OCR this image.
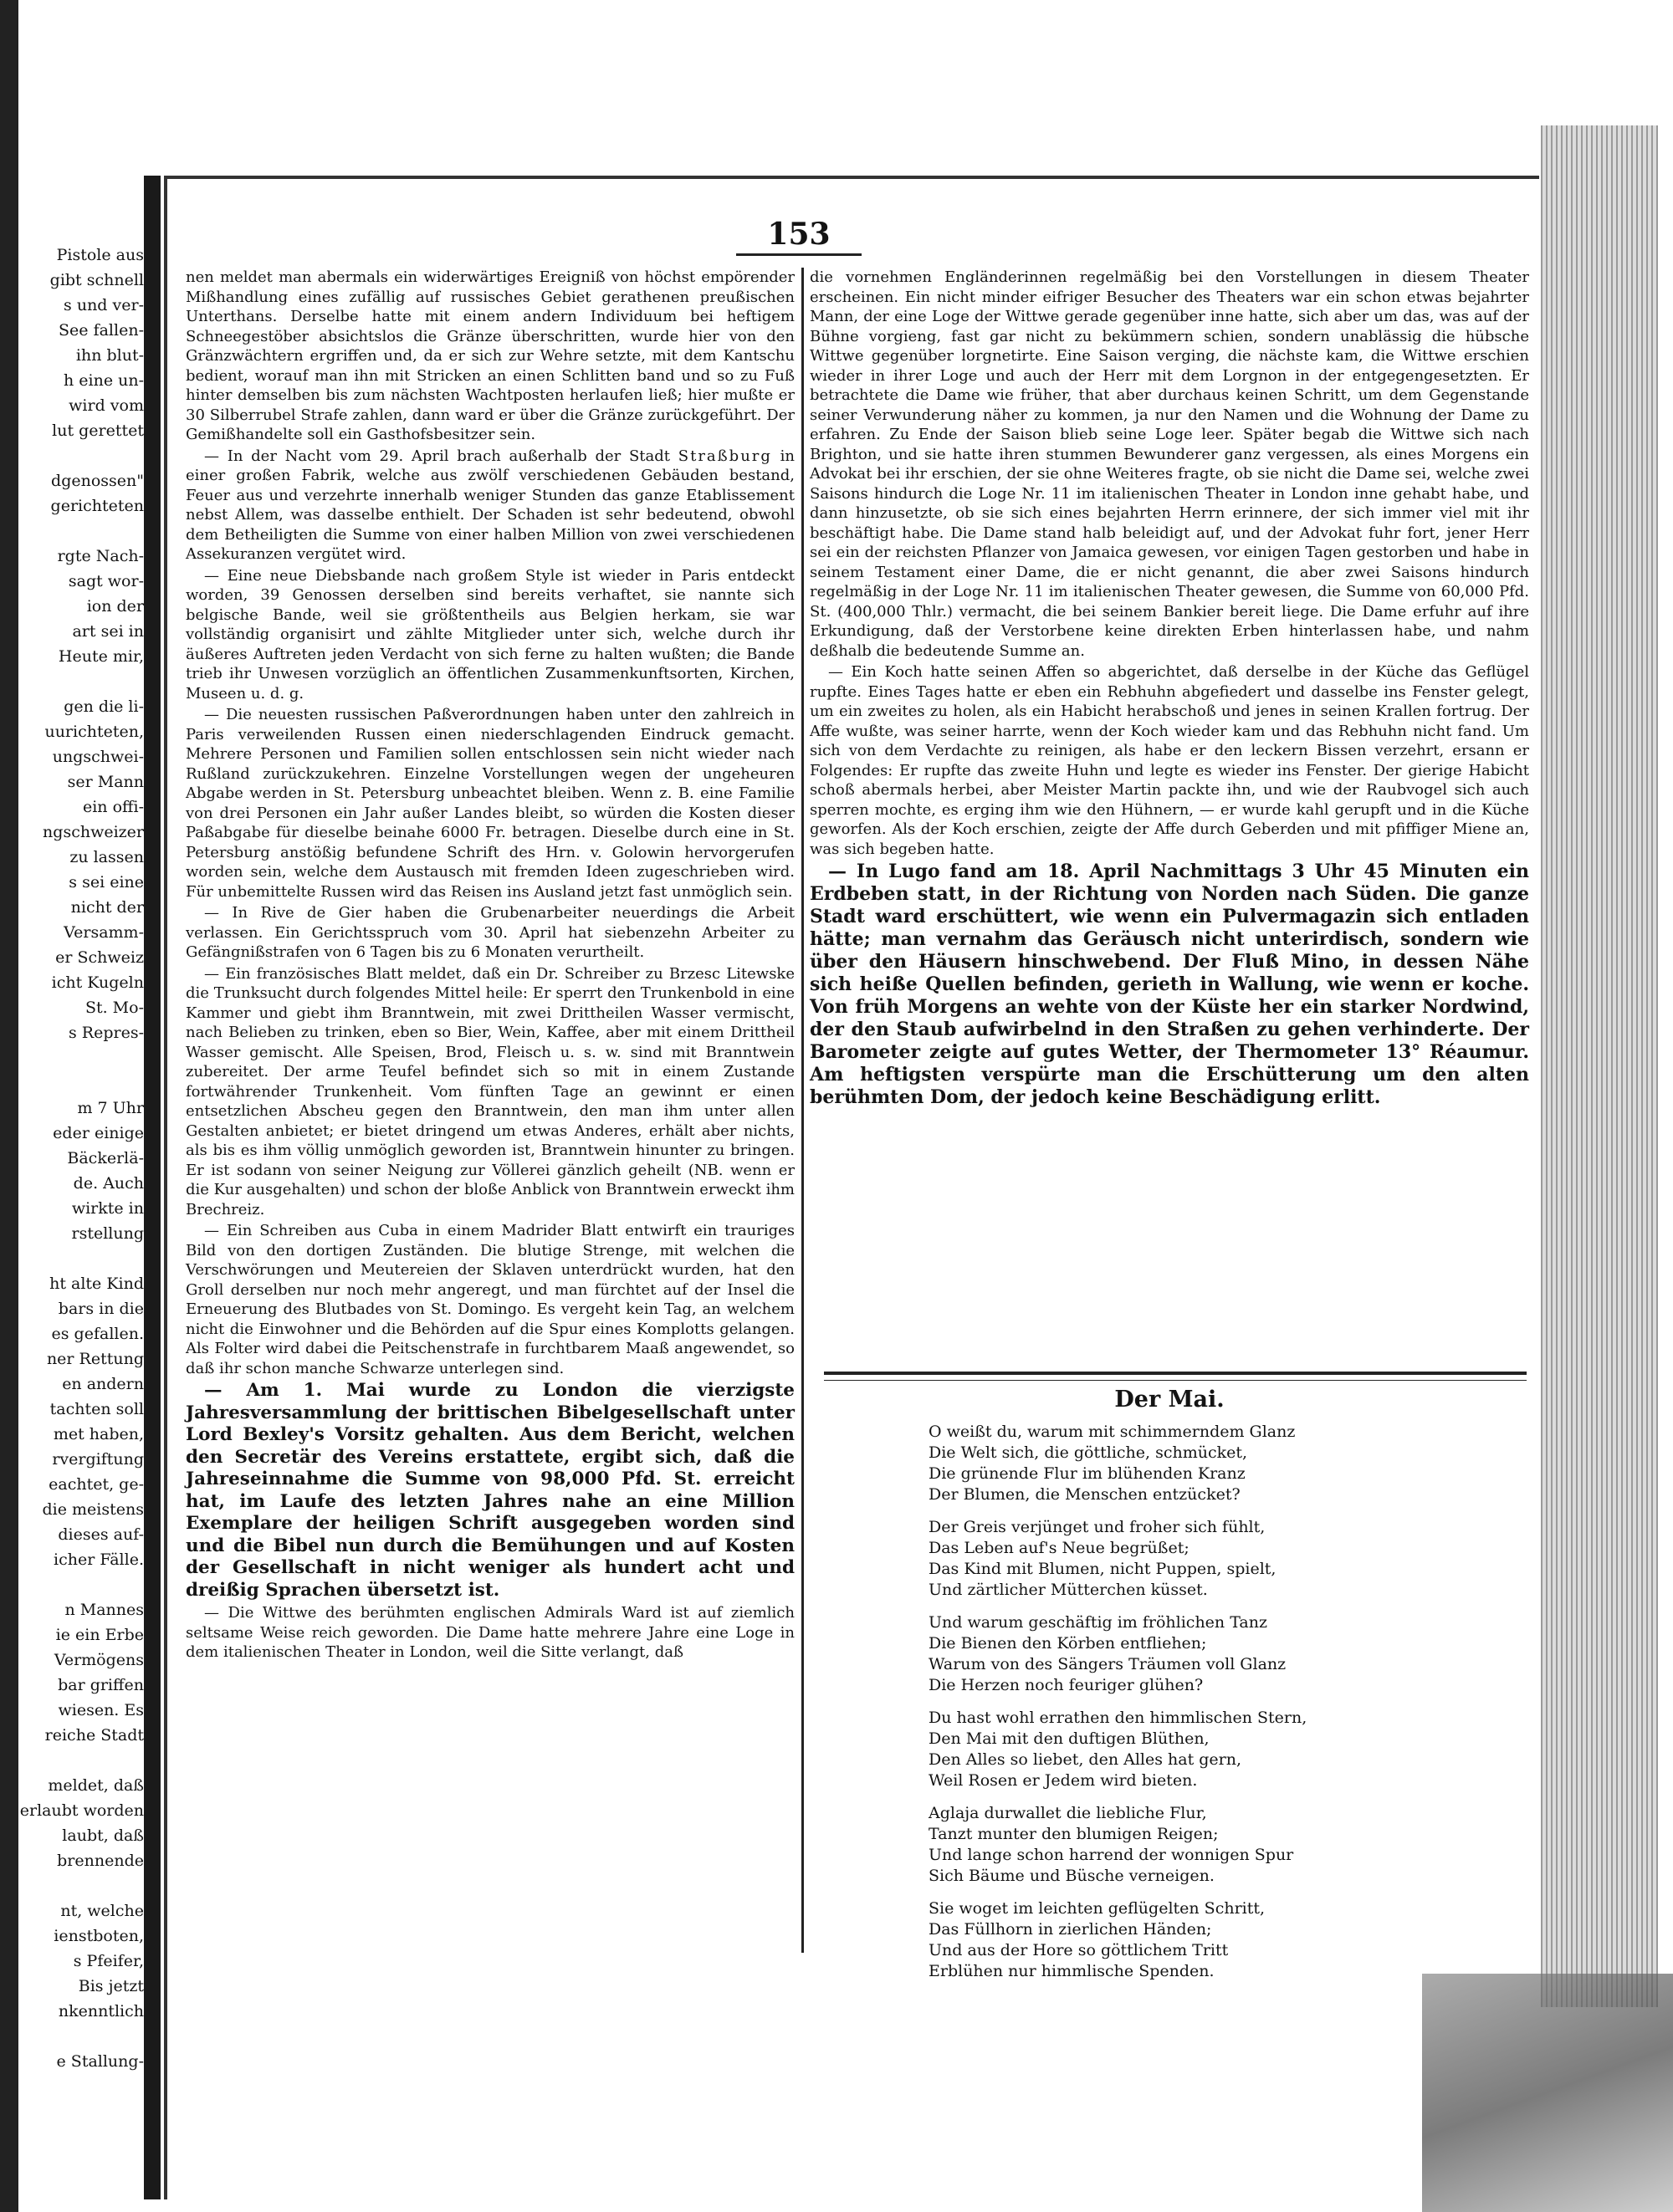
Pistole aus
gibt schnell
s und ver-
See fallen-
ihn blut-
h eine un-
wird vom
lut gerettet
dgenossen"
gerichteten
rgte Nach-
sagt wor-
ion der
art sei in
Heute mir,
gen die li-
uurichteten,
ungschwei-
ser Mann
ein offi-
ngschweizer
zu lassen
s sei eine
nicht der
Versamm-
er Schweiz
icht Kugeln
St. Mo-
s Repres-
m 7 Uhr
eder einige
Bäckerlä-
de. Auch
wirkte in
rstellung
ht alte Kind
bars in die
es gefallen.
ner Rettung
en andern
tachten soll
met haben,
rvergiftung
eachtet, ge-
die meistens
dieses auf-
icher Fälle.
n Mannes
ie ein Erbe
Vermögens
bar griffen
wiesen. Es
reiche Stadt
meldet, daß
erlaubt worden
laubt, daß
brennende
nt, welche
ienstboten,
s Pfeifer,
Bis jetzt
nkenntlich
e Stallung-
153

nen meldet man abermals ein widerwärtiges Ereigniß von höchst empörender Mißhandlung eines zufällig auf russisches Gebiet gerathenen preußischen Unterthans. Derselbe hatte mit einem andern Individuum bei heftigem Schneegestöber absichtslos die Gränze überschritten, wurde hier von den Gränzwächtern ergriffen und, da er sich zur Wehre setzte, mit dem Kantschu bedient, worauf man ihn mit Stricken an einen Schlitten band und so zu Fuß hinter demselben bis zum nächsten Wachtposten herlaufen ließ; hier mußte er 30 Silberrubel Strafe zahlen, dann ward er über die Gränze zurückgeführt. Der Gemißhandelte soll ein Gasthofsbesitzer sein.

— In der Nacht vom 29. April brach außerhalb der Stadt Straßburg in einer großen Fabrik, welche aus zwölf verschiedenen Gebäuden bestand, Feuer aus und verzehrte innerhalb weniger Stunden das ganze Etablissement nebst Allem, was dasselbe enthielt. Der Schaden ist sehr bedeutend, obwohl dem Betheiligten die Summe von einer halben Million von zwei verschiedenen Assekuranzen vergütet wird.

— Eine neue Diebsbande nach großem Style ist wieder in Paris entdeckt worden, 39 Genossen derselben sind bereits verhaftet, sie nannte sich belgische Bande, weil sie größtentheils aus Belgien herkam, sie war vollständig organisirt und zählte Mitglieder unter sich, welche durch ihr äußeres Auftreten jeden Verdacht von sich ferne zu halten wußten; die Bande trieb ihr Unwesen vorzüglich an öffentlichen Zusammenkunftsorten, Kirchen, Museen u. d. g.

— Die neuesten russischen Paßverordnungen haben unter den zahlreich in Paris verweilenden Russen einen niederschlagenden Eindruck gemacht. Mehrere Personen und Familien sollen entschlossen sein nicht wieder nach Rußland zurückzukehren. Einzelne Vorstellungen wegen der ungeheuren Abgabe werden in St. Petersburg unbeachtet bleiben. Wenn z. B. eine Familie von drei Personen ein Jahr außer Landes bleibt, so würden die Kosten dieser Paßabgabe für dieselbe beinahe 6000 Fr. betragen. Dieselbe durch eine in St. Petersburg anstößig befundene Schrift des Hrn. v. Golowin hervorgerufen worden sein, welche dem Austausch mit fremden Ideen zugeschrieben wird. Für unbemittelte Russen wird das Reisen ins Ausland jetzt fast unmöglich sein.

— In Rive de Gier haben die Grubenarbeiter neuerdings die Arbeit verlassen. Ein Gerichtsspruch vom 30. April hat siebenzehn Arbeiter zu Gefängnißstrafen von 6 Tagen bis zu 6 Monaten verurtheilt.

— Ein französisches Blatt meldet, daß ein Dr. Schreiber zu Brzesc Litewske die Trunksucht durch folgendes Mittel heile: Er sperrt den Trunkenbold in eine Kammer und giebt ihm Branntwein, mit zwei Drittheilen Wasser vermischt, nach Belieben zu trinken, eben so Bier, Wein, Kaffee, aber mit einem Drittheil Wasser gemischt. Alle Speisen, Brod, Fleisch u. s. w. sind mit Branntwein zubereitet. Der arme Teufel befindet sich so mit in einem Zustande fortwährender Trunkenheit. Vom fünften Tage an gewinnt er einen entsetzlichen Abscheu gegen den Branntwein, den man ihm unter allen Gestalten anbietet; er bietet dringend um etwas Anderes, erhält aber nichts, als bis es ihm völlig unmöglich geworden ist, Branntwein hinunter zu bringen. Er ist sodann von seiner Neigung zur Völlerei gänzlich geheilt (NB. wenn er die Kur ausgehalten) und schon der bloße Anblick von Branntwein erweckt ihm Brechreiz.

— Ein Schreiben aus Cuba in einem Madrider Blatt entwirft ein trauriges Bild von den dortigen Zuständen. Die blutige Strenge, mit welchen die Verschwörungen und Meutereien der Sklaven unterdrückt wurden, hat den Groll derselben nur noch mehr angeregt, und man fürchtet auf der Insel die Erneuerung des Blutbades von St. Domingo. Es vergeht kein Tag, an welchem nicht die Einwohner und die Behörden auf die Spur eines Komplotts gelangen. Als Folter wird dabei die Peitschenstrafe in furchtbarem Maaß angewendet, so daß ihr schon manche Schwarze unterlegen sind.

— Am 1. Mai wurde zu London die vierzigste Jahresversammlung der brittischen Bibelgesellschaft unter Lord Bexley's Vorsitz gehalten. Aus dem Bericht, welchen den Secretär des Vereins erstattete, ergibt sich, daß die Jahreseinnahme die Summe von 98,000 Pfd. St. erreicht hat, im Laufe des letzten Jahres nahe an eine Million Exemplare der heiligen Schrift ausgegeben worden sind und die Bibel nun durch die Bemühungen und auf Kosten der Gesellschaft in nicht weniger als hundert acht und dreißig Sprachen übersetzt ist.

— Die Wittwe des berühmten englischen Admirals Ward ist auf ziemlich seltsame Weise reich geworden. Die Dame hatte mehrere Jahre eine Loge in dem italienischen Theater in London, weil die Sitte verlangt, daß

die vornehmen Engländerinnen regelmäßig bei den Vorstellungen in diesem Theater erscheinen. Ein nicht minder eifriger Besucher des Theaters war ein schon etwas bejahrter Mann, der eine Loge der Wittwe gerade gegenüber inne hatte, sich aber um das, was auf der Bühne vorgieng, fast gar nicht zu bekümmern schien, sondern unablässig die hübsche Wittwe gegenüber lorgnetirte. Eine Saison verging, die nächste kam, die Wittwe erschien wieder in ihrer Loge und auch der Herr mit dem Lorgnon in der entgegengesetzten. Er betrachtete die Dame wie früher, that aber durchaus keinen Schritt, um dem Gegenstande seiner Verwunderung näher zu kommen, ja nur den Namen und die Wohnung der Dame zu erfahren. Zu Ende der Saison blieb seine Loge leer. Später begab die Wittwe sich nach Brighton, und sie hatte ihren stummen Bewunderer ganz vergessen, als eines Morgens ein Advokat bei ihr erschien, der sie ohne Weiteres fragte, ob sie nicht die Dame sei, welche zwei Saisons hindurch die Loge Nr. 11 im italienischen Theater in London inne gehabt habe, und dann hinzusetzte, ob sie sich eines bejahrten Herrn erinnere, der sich immer viel mit ihr beschäftigt habe. Die Dame stand halb beleidigt auf, und der Advokat fuhr fort, jener Herr sei ein der reichsten Pflanzer von Jamaica gewesen, vor einigen Tagen gestorben und habe in seinem Testament einer Dame, die er nicht genannt, die aber zwei Saisons hindurch regelmäßig in der Loge Nr. 11 im italienischen Theater gewesen, die Summe von 60,000 Pfd. St. (400,000 Thlr.) vermacht, die bei seinem Bankier bereit liege. Die Dame erfuhr auf ihre Erkundigung, daß der Verstorbene keine direkten Erben hinterlassen habe, und nahm deßhalb die bedeutende Summe an.

— Ein Koch hatte seinen Affen so abgerichtet, daß derselbe in der Küche das Geflügel rupfte. Eines Tages hatte er eben ein Rebhuhn abgefiedert und dasselbe ins Fenster gelegt, um ein zweites zu holen, als ein Habicht herabschoß und jenes in seinen Krallen fortrug. Der Affe wußte, was seiner harrte, wenn der Koch wieder kam und das Rebhuhn nicht fand. Um sich von dem Verdachte zu reinigen, als habe er den leckern Bissen verzehrt, ersann er Folgendes: Er rupfte das zweite Huhn und legte es wieder ins Fenster. Der gierige Habicht schoß abermals herbei, aber Meister Martin packte ihn, und wie der Raubvogel sich auch sperren mochte, es erging ihm wie den Hühnern, — er wurde kahl gerupft und in die Küche geworfen. Als der Koch erschien, zeigte der Affe durch Geberden und mit pfiffiger Miene an, was sich begeben hatte.

— In Lugo fand am 18. April Nachmittags 3 Uhr 45 Minuten ein Erdbeben statt, in der Richtung von Norden nach Süden. Die ganze Stadt ward erschüttert, wie wenn ein Pulvermagazin sich entladen hätte; man vernahm das Geräusch nicht unterirdisch, sondern wie über den Häusern hinschwebend. Der Fluß Mino, in dessen Nähe sich heiße Quellen befinden, gerieth in Wallung, wie wenn er koche. Von früh Morgens an wehte von der Küste her ein starker Nordwind, der den Staub aufwirbelnd in den Straßen zu gehen verhinderte. Der Barometer zeigte auf gutes Wetter, der Thermometer 13° Réaumur. Am heftigsten verspürte man die Erschütterung um den alten berühmten Dom, der jedoch keine Beschädigung erlitt.

Der Mai.
O weißt du, warum mit schimmerndem Glanz
Die Welt sich, die göttliche, schmücket,
Die grünende Flur im blühenden Kranz
Der Blumen, die Menschen entzücket?
Der Greis verjünget und froher sich fühlt,
Das Leben auf's Neue begrüßet;
Das Kind mit Blumen, nicht Puppen, spielt,
Und zärtlicher Mütterchen küsset.
Und warum geschäftig im fröhlichen Tanz
Die Bienen den Körben entfliehen;
Warum von des Sängers Träumen voll Glanz
Die Herzen noch feuriger glühen?
Du hast wohl errathen den himmlischen Stern,
Den Mai mit den duftigen Blüthen,
Den Alles so liebet, den Alles hat gern,
Weil Rosen er Jedem wird bieten.
Aglaja durwallet die liebliche Flur,
Tanzt munter den blumigen Reigen;
Und lange schon harrend der wonnigen Spur
Sich Bäume und Büsche verneigen.
Sie woget im leichten geflügelten Schritt,
Das Füllhorn in zierlichen Händen;
Und aus der Hore so göttlichem Tritt
Erblühen nur himmlische Spenden.
